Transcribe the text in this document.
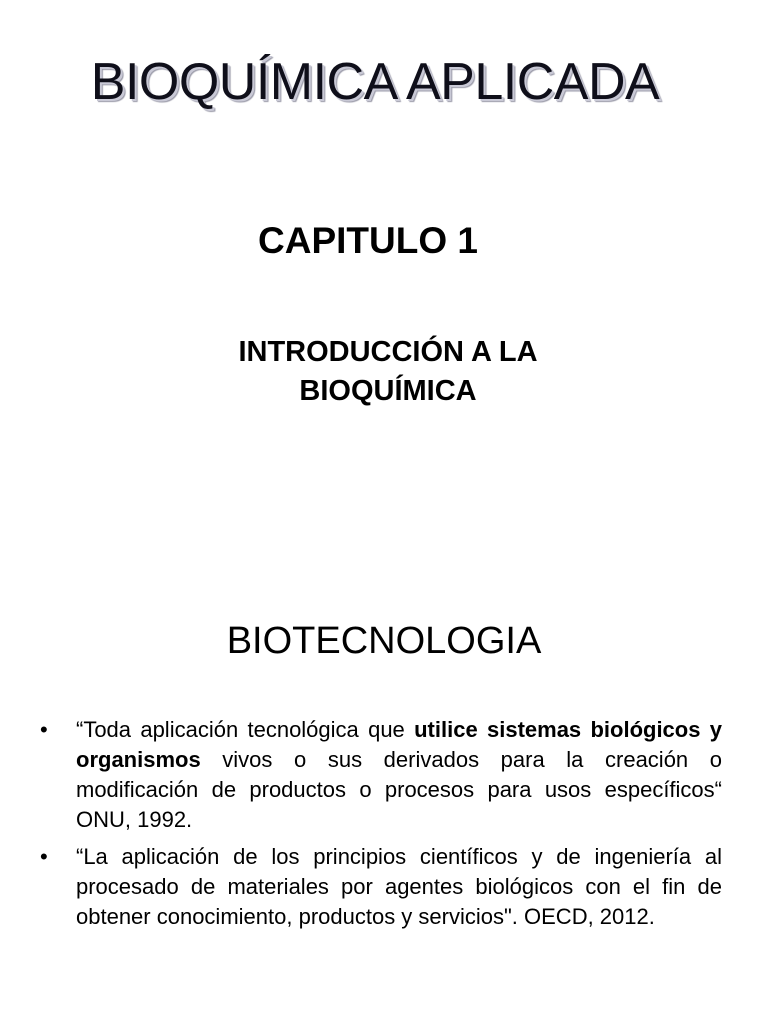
BIOQUÍMICA APLICADA
CAPITULO 1
INTRODUCCIÓN A LA
BIOQUÍMICA
BIOTECNOLOGIA
• “Toda aplicación tecnológica que utilice sistemas biológicos y organismos vivos o sus derivados para la creación o modificación de productos o procesos para usos específicos“ ONU, 1992.
• “La aplicación de los principios científicos y de ingeniería al procesado de materiales por agentes biológicos con el fin de obtener conocimiento, productos y servicios". OECD, 2012.
